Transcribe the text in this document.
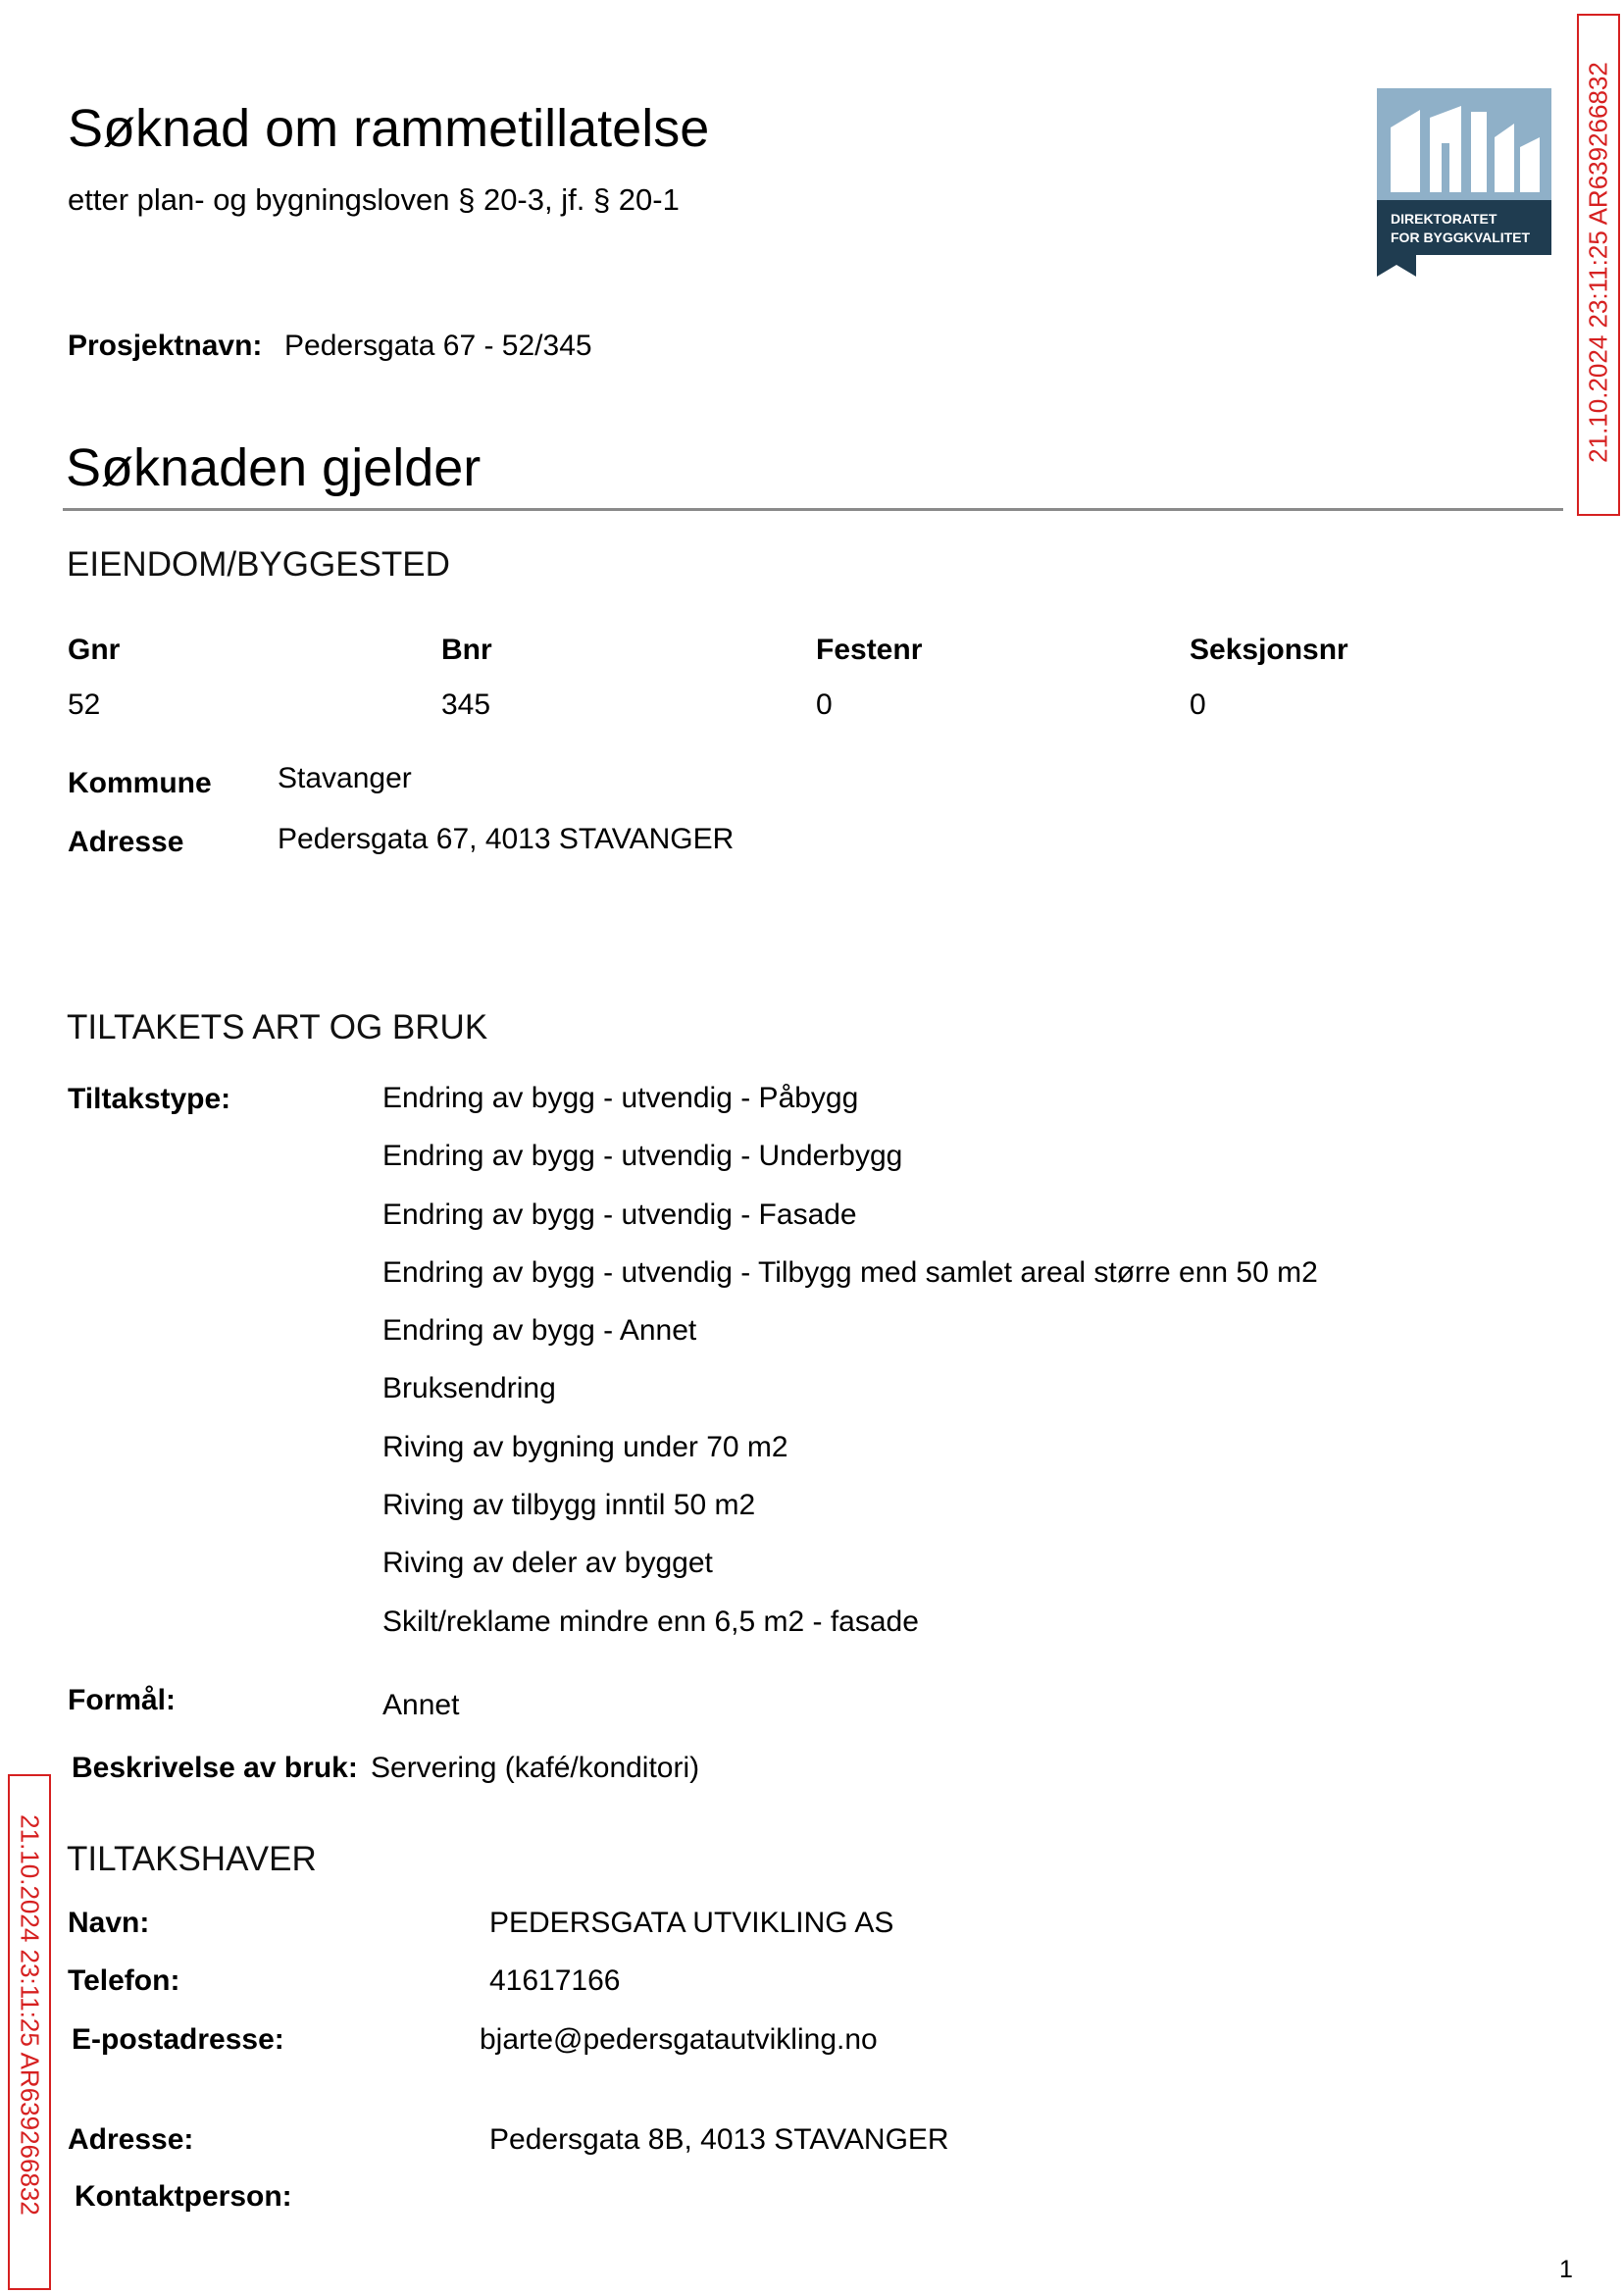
Søknad om rammetillatelse
etter plan- og bygningsloven § 20-3, jf. § 20-1
DIREKTORATET
FOR BYGGKVALITET
Prosjektnavn: Pedersgata 67 - 52/345
Søknaden gjelder
EIENDOM/BYGGESTED
Gnr	Bnr	Festenr	Seksjonsnr
52	345	0	0
Kommune Stavanger
Adresse	Pedersgata 67, 4013 STAVANGER
TILTAKETS ART OG BRUK
Tiltakstype:	Endring av bygg - utvendig - Påbygg
Endring av bygg - utvendig - Underbygg
Endring av bygg - utvendig - Fasade
Endring av bygg - utvendig - Tilbygg med samlet areal større enn 50 m2
Endring av bygg - Annet
Bruksendring
Riving av bygning under 70 m2
Riving av tilbygg inntil 50 m2
Riving av deler av bygget
Skilt/reklame mindre enn 6,5 m2 - fasade
Formål:	Annet
Beskrivelse av bruk: Servering (kafé/konditori)
TILTAKSHAVER
Navn:	PEDERSGATA UTVIKLING AS
Telefon:	41617166
E-postadresse:	bjarte@pedersgatautvikling.no
Adresse:	Pedersgata 8B, 4013 STAVANGER
Kontaktperson:
21.10.2024 23:11:25 AR639266832
21.10.2024 23:11:25 AR639266832
1
